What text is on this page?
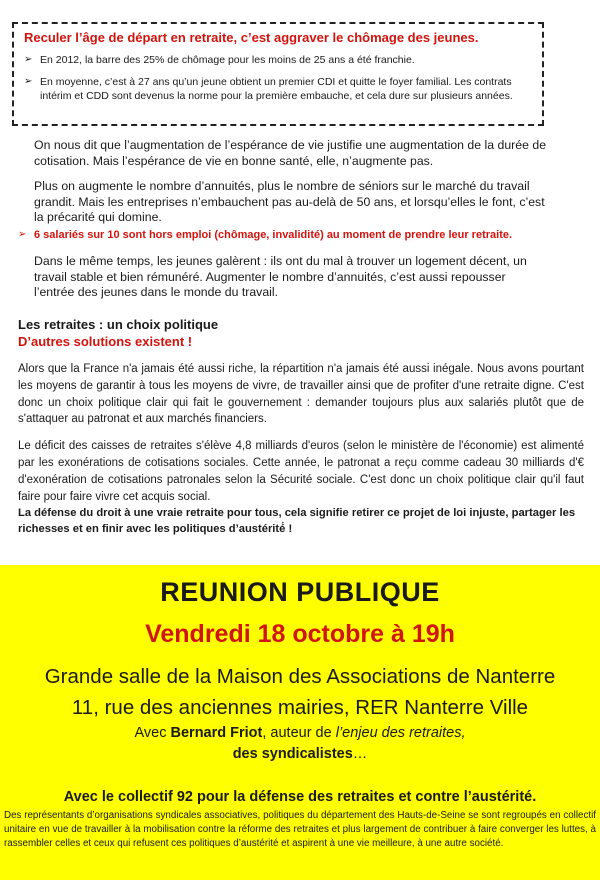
Reculer l’âge de départ en retraite, c’est aggraver le chômage des jeunes.
➢ En 2012, la barre des 25% de chômage pour les moins de 25 ans a été franchie.
➢ En moyenne, c’est à 27 ans qu’un jeune obtient un premier CDI et quitte le foyer familial. Les contrats intérim et CDD sont devenus la norme pour la première embauche, et cela dure sur plusieurs années.

On nous dit que l’augmentation de l’espérance de vie justifie une augmentation de la durée de cotisation. Mais l’espérance de vie en bonne santé, elle, n’augmente pas.

Plus on augmente le nombre d’annuités, plus le nombre de séniors sur le marché du travail grandit. Mais les entreprises n’embauchent pas au-delà de 50 ans, et lorsqu’elles le font, c’est la précarité qui domine.

➢ 6 salariés sur 10 sont hors emploi (chômage, invalidité) au moment de prendre leur retraite.

Dans le même temps, les jeunes galèrent : ils ont du mal à trouver un logement décent, un travail stable et bien rémunéré. Augmenter le nombre d’annuités, c’est aussi repousser l’entrée des jeunes dans le monde du travail.

Les retraites : un choix politique
D’autres solutions existent !

Alors que la France n'a jamais été aussi riche, la répartition n'a jamais été aussi inégale. Nous avons pourtant les moyens de garantir à tous les moyens de vivre, de travailler ainsi que de profiter d'une retraite digne. C'est donc un choix politique clair qui fait le gouvernement : demander toujours plus aux salariés plutôt que de s'attaquer au patronat et aux marchés financiers.

Le déficit des caisses de retraites s'élève 4,8 milliards d'euros (selon le ministère de l'économie) est alimenté par les exonérations de cotisations sociales. Cette année, le patronat a reçu comme cadeau 30 milliards d'€ d'exonération de cotisations patronales selon la Sécurité sociale. C'est donc un choix politique clair qu'il faut faire pour faire vivre cet acquis social.

La défense du droit à une vraie retraite pour tous, cela signifie retirer ce projet de loi injuste, partager les richesses et en finir avec les politiques d’austérité́ !
REUNION PUBLIQUE
Vendredi 18 octobre à 19h
Grande salle de la Maison des Associations de Nanterre
11, rue des anciennes mairies, RER Nanterre Ville
Avec Bernard Friot, auteur de l’enjeu des retraites,
des syndicalistes…
Avec le collectif 92 pour la défense des retraites et contre l’austérité.
Des représentants d’organisations syndicales associatives, politiques du département des Hauts-de-Seine se sont regroupés en collectif unitaire en vue de travailler à la mobilisation contre la réforme des retraites et plus largement de contribuer à faire converger les luttes, à rassembler celles et ceux qui refusent ces politiques d’austérité et aspirent à une vie meilleure, à une autre société.
